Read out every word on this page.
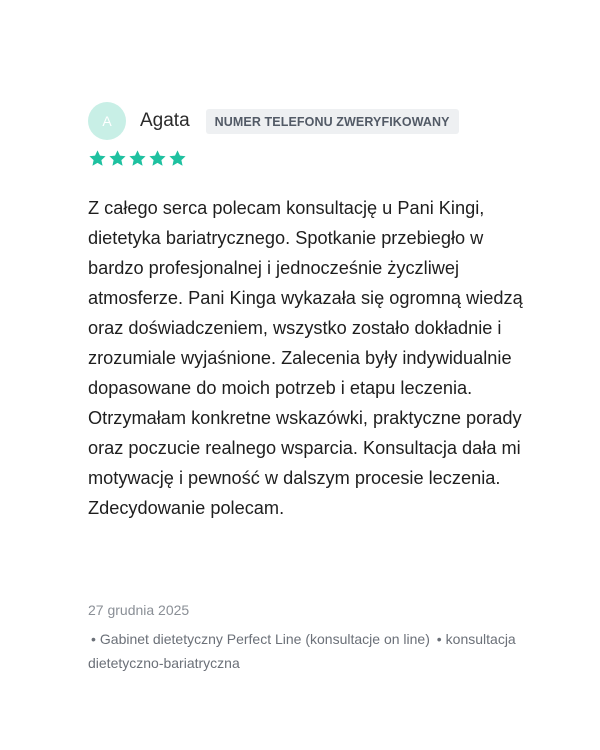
A	Agata	NUMER TELEFONU ZWERYFIKOWANY

Z całego serca polecam konsultację u Pani Kingi, dietetyka bariatrycznego. Spotkanie przebiegło w bardzo profesjonalnej i jednocześnie życzliwej atmosferze. Pani Kinga wykazała się ogromną wiedzą oraz doświadczeniem, wszystko zostało dokładnie i zrozumiale wyjaśnione. Zalecenia były indywidualnie dopasowane do moich potrzeb i etapu leczenia. Otrzymałam konkretne wskazówki, praktyczne porady oraz poczucie realnego wsparcia. Konsultacja dała mi motywację i pewność w dalszym procesie leczenia. Zdecydowanie polecam.

27 grudnia 2025
• Gabinet dietetyczny Perfect Line (konsultacje on line) • konsultacja dietetyczno-bariatryczna
